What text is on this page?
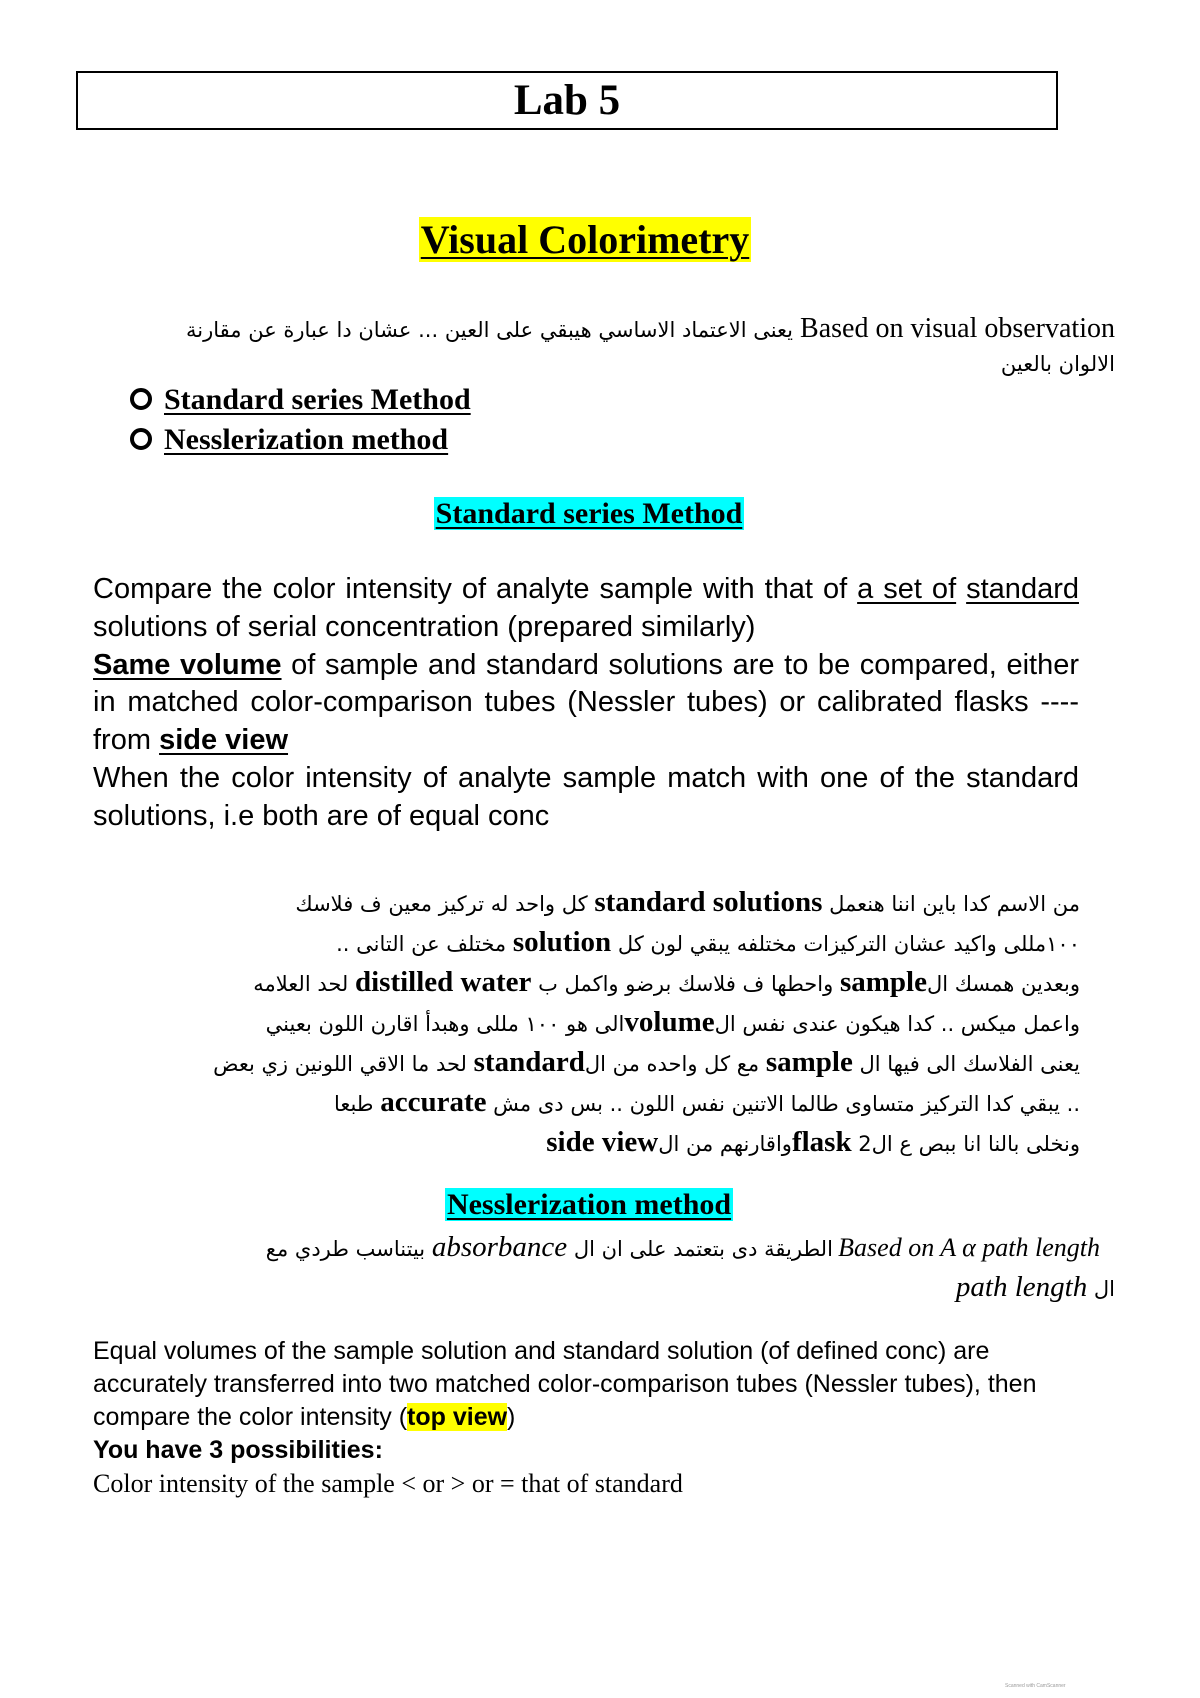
Lab 5
Visual Colorimetry
Based on visual observation يعنى الاعتماد الاساسي هيبقي على العين ... عشان دا عبارة عن مقارنة
الالوان بالعين
Standard series Method
Nesslerization method
Standard series Method
Compare the color intensity of analyte sample with that of a set of standard solutions of serial concentration (prepared similarly)
Same volume of sample and standard solutions are to be compared, either in matched color-comparison tubes (Nessler tubes) or calibrated flasks ---- from side view
When the color intensity of analyte sample match with one of the standard solutions, i.e both are of equal conc
من الاسم كدا باين اننا هنعمل standard solutions كل واحد له تركيز معين ف فلاسك
١٠٠مللى واكيد عشان التركيزات مختلفه يبقي لون كل solution مختلف عن التانى ..
وبعدين همسك الsample واحطها ف فلاسك برضو واكمل ب distilled water لحد العلامه
واعمل ميكس .. كدا هيكون عندى نفس الvolumeالى هو ١٠٠ مللى وهبدأ اقارن اللون بعيني
يعنى الفلاسك الى فيها ال sample مع كل واحده من الstandard لحد ما الاقي اللونين زي بعض
.. يبقي كدا التركيز متساوى طالما الاتنين نفس اللون .. بس دى مش accurate طبعا
ونخلى بالنا انا ببص ع ال2 flaskواقارنهم من الside view
Nesslerization method
Based on A α path length الطريقة دى بتعتمد على ان ال absorbance بيتناسب طردي مع
ال path length
Equal volumes of the sample solution and standard solution (of defined conc) are accurately transferred into two matched color-comparison tubes (Nessler tubes), then compare the color intensity (top view)
You have 3 possibilities:
Color intensity of the sample < or > or = that of standard
Scanned with CamScanner
